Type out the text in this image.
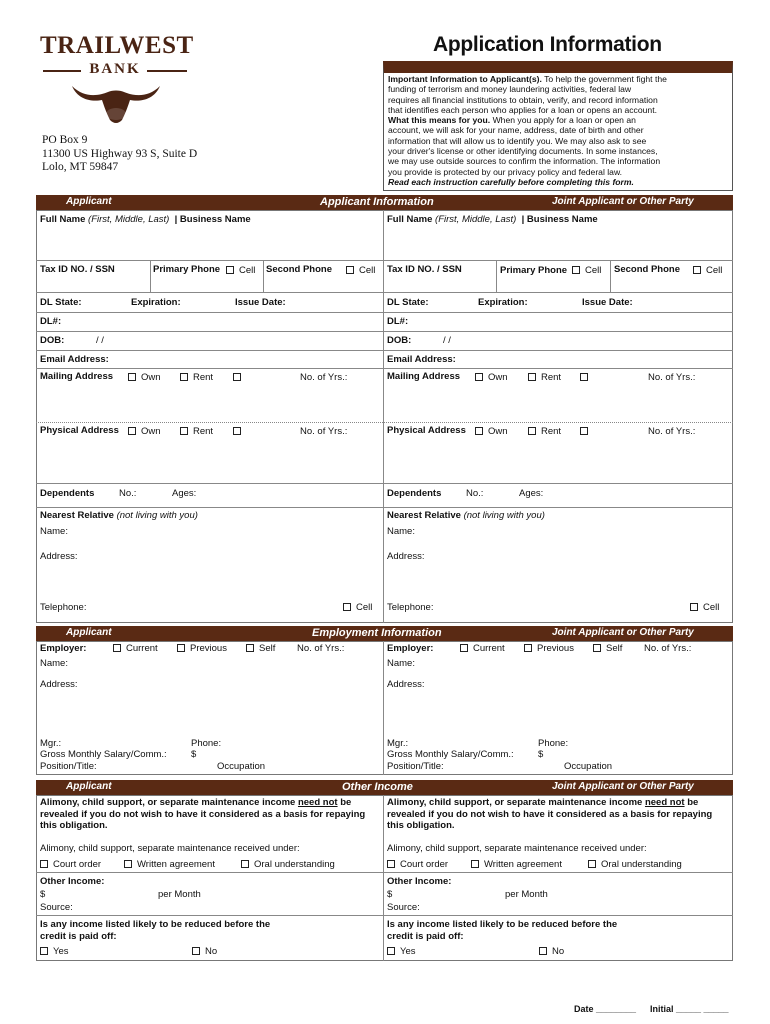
TRAILWEST
BANK
PO Box 9
11300 US Highway 93 S, Suite D
Lolo, MT 59847
Application Information
Important Information to Applicant(s). To help the government fight the
funding of terrorism and money laundering activities, federal law
requires all financial institutions to obtain, verify, and record information
that identifies each person who applies for a loan or opens an account.
What this means for you. When you apply for a loan or open an
account, we will ask for your name, address, date of birth and other
information that will allow us to identify you. We may also ask to see
your driver's license or other identifying documents. In some instances,
we may use outside sources to confirm the information. The information
you provide is protected by our privacy policy and federal law.
Read each instruction carefully before completing this form.
Applicant	Applicant Information	Joint Applicant or Other Party
Full Name (First, Middle, Last) | Business Name
Tax ID NO. / SSN	Primary Phone	Cell Second Phone	Cell
DL State:	Expiration:	Issue Date:
DL#:
DOB:	/ /
Email Address:
Mailing Address	Own	Rent	No. of Yrs.:
Physical Address	Own	Rent	No. of Yrs.:
Dependents	No.:	Ages:
Nearest Relative (not living with you)
Name:
Address:
Telephone:	Cell
Full Name (First, Middle, Last) | Business Name
Tax ID NO. / SSN	Primary Phone	Cell Second Phone	Cell
DL State:	Expiration:	Issue Date:
DL#:
DOB:	/ /
Email Address:
Mailing Address	Own	Rent	No. of Yrs.:
Physical Address	Own	Rent	No. of Yrs.:
Dependents	No.:	Ages:
Nearest Relative (not living with you)
Name:
Address:
Telephone:	Cell
Applicant	Employment Information	Joint Applicant or Other Party
Employer:	Current	Previous	Self No. of Yrs.:
Name:
Address:
Mgr.:	Phone:
Gross Monthly Salary/Comm.:	$
Position/Title:	Occupation
Employer:	Current	Previous	Self No. of Yrs.:
Name:
Address:
Mgr.:	Phone:
Gross Monthly Salary/Comm.:	$
Position/Title:	Occupation
Applicant	Other Income	Joint Applicant or Other Party
Alimony, child support, or separate maintenance income need not be
revealed if you do not wish to have it considered as a basis for repaying
this obligation.
Alimony, child support, separate maintenance received under:
Court order	Written agreement	Oral understanding
Other Income:
$	per Month
Source:
Is any income listed likely to be reduced before the
credit is paid off:
Yes	No
Alimony, child support, or separate maintenance income need not be
revealed if you do not wish to have it considered as a basis for repaying
this obligation.
Alimony, child support, separate maintenance received under:
Court order	Written agreement	Oral understanding
Other Income:
$	per Month
Source:
Is any income listed likely to be reduced before the
credit is paid off:
Yes	No
Date ________ Initial _____ _____
